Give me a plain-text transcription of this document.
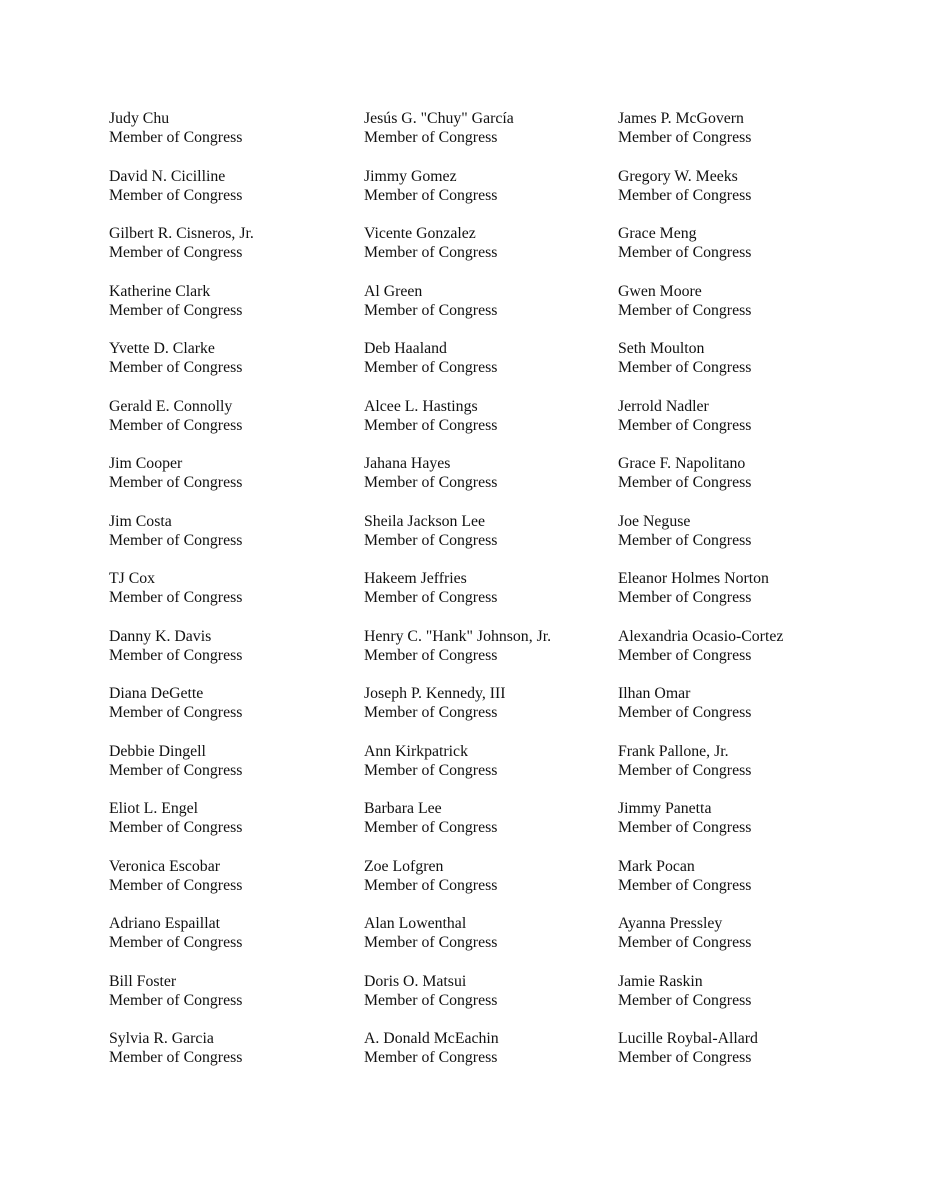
Judy Chu
Member of Congress
David N. Cicilline
Member of Congress
Gilbert R. Cisneros, Jr.
Member of Congress
Katherine Clark
Member of Congress
Yvette D. Clarke
Member of Congress
Gerald E. Connolly
Member of Congress
Jim Cooper
Member of Congress
Jim Costa
Member of Congress
TJ Cox
Member of Congress
Danny K. Davis
Member of Congress
Diana DeGette
Member of Congress
Debbie Dingell
Member of Congress
Eliot L. Engel
Member of Congress
Veronica Escobar
Member of Congress
Adriano Espaillat
Member of Congress
Bill Foster
Member of Congress
Sylvia R. Garcia
Member of Congress
Jesús G. "Chuy" García
Member of Congress
Jimmy Gomez
Member of Congress
Vicente Gonzalez
Member of Congress
Al Green
Member of Congress
Deb Haaland
Member of Congress
Alcee L. Hastings
Member of Congress
Jahana Hayes
Member of Congress
Sheila Jackson Lee
Member of Congress
Hakeem Jeffries
Member of Congress
Henry C. "Hank" Johnson, Jr.
Member of Congress
Joseph P. Kennedy, III
Member of Congress
Ann Kirkpatrick
Member of Congress
Barbara Lee
Member of Congress
Zoe Lofgren
Member of Congress
Alan Lowenthal
Member of Congress
Doris O. Matsui
Member of Congress
A. Donald McEachin
Member of Congress
James P. McGovern
Member of Congress
Gregory W. Meeks
Member of Congress
Grace Meng
Member of Congress
Gwen Moore
Member of Congress
Seth Moulton
Member of Congress
Jerrold Nadler
Member of Congress
Grace F. Napolitano
Member of Congress
Joe Neguse
Member of Congress
Eleanor Holmes Norton
Member of Congress
Alexandria Ocasio-Cortez
Member of Congress
Ilhan Omar
Member of Congress
Frank Pallone, Jr.
Member of Congress
Jimmy Panetta
Member of Congress
Mark Pocan
Member of Congress
Ayanna Pressley
Member of Congress
Jamie Raskin
Member of Congress
Lucille Roybal-Allard
Member of Congress
